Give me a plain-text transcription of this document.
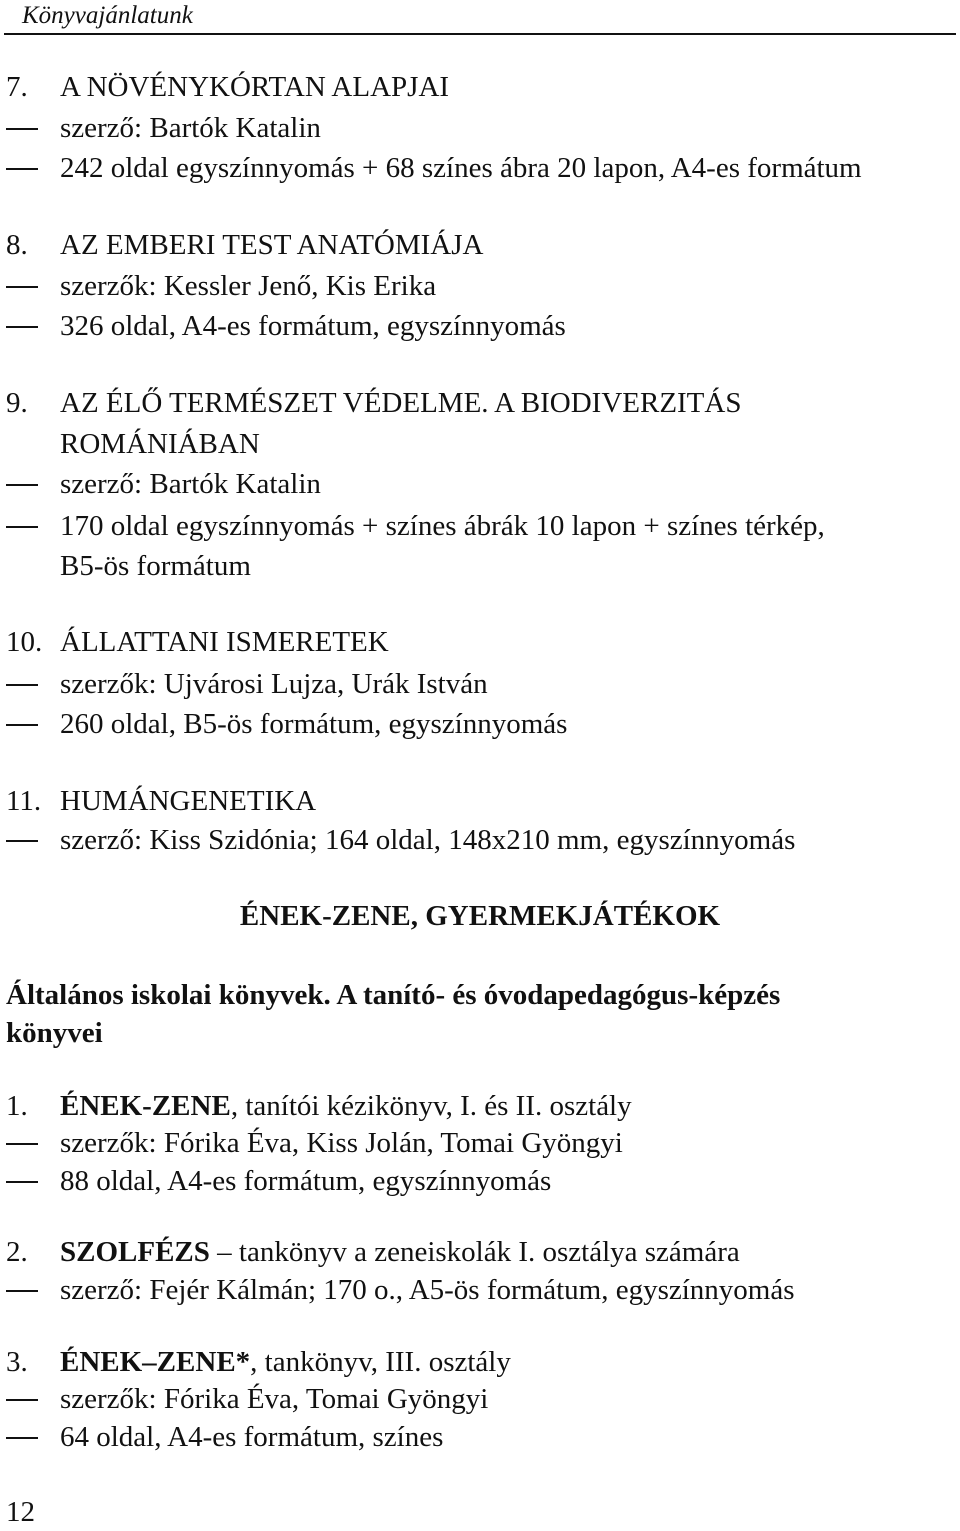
Könyvajánlatunk
7. A NÖVÉNYKÓRTAN ALAPJAI
szerző: Bartók Katalin
242 oldal egyszínnyomás + 68 színes ábra 20 lapon, A4-es formátum
8. AZ EMBERI TEST ANATÓMIÁJA
szerzők: Kessler Jenő, Kis Erika
326 oldal, A4-es formátum, egyszínnyomás
9. AZ ÉLŐ TERMÉSZET VÉDELME. A BIODIVERZITÁS
ROMÁNIÁBAN
szerző: Bartók Katalin
170 oldal egyszínnyomás + színes ábrák 10 lapon + színes térkép,
B5-ös formátum
10. ÁLLATTANI ISMERETEK
szerzők: Ujvárosi Lujza, Urák István
260 oldal, B5-ös formátum, egyszínnyomás
11. HUMÁNGENETIKA
szerző: Kiss Szidónia; 164 oldal, 148x210 mm, egyszínnyomás
ÉNEK-ZENE, GYERMEKJÁTÉKOK
Általános iskolai könyvek. A tanító- és óvodapedagógus-képzés
könyvei
1. ÉNEK-ZENE, tanítói kézikönyv, I. és II. osztály
szerzők: Fórika Éva, Kiss Jolán, Tomai Gyöngyi
88 oldal, A4-es formátum, egyszínnyomás
2. SZOLFÉZS – tankönyv a zeneiskolák I. osztálya számára
szerző: Fejér Kálmán; 170 o., A5-ös formátum, egyszínnyomás
3. ÉNEK–ZENE*, tankönyv, III. osztály
szerzők: Fórika Éva, Tomai Gyöngyi
64 oldal, A4-es formátum, színes
12
